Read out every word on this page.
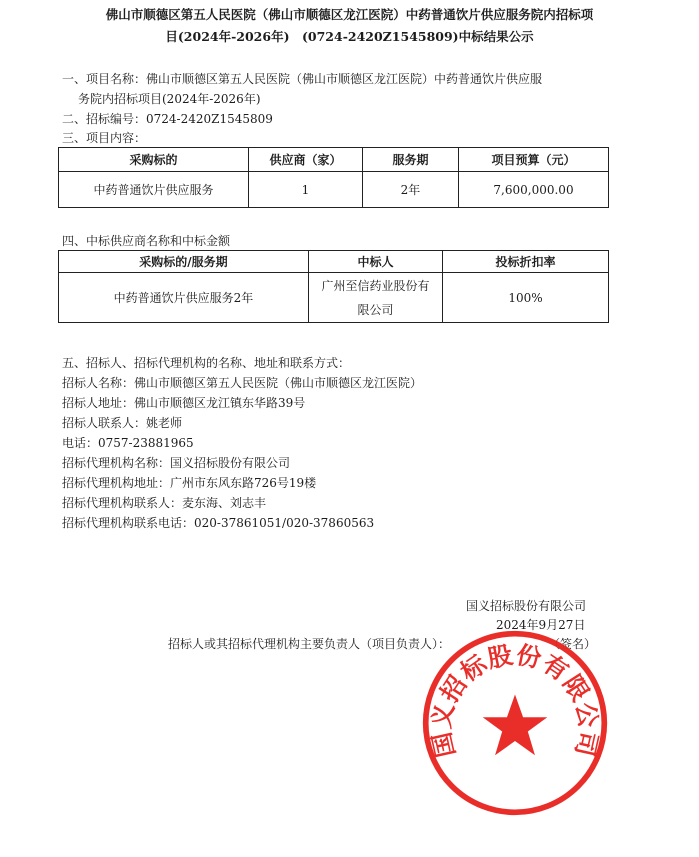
佛山市顺德区第五人民医院（佛山市顺德区龙江医院）中药普通饮片供应服务院内招标项
目(2024年-2026年)　(0724-2420Z1545809)中标结果公示
一、项目名称：佛山市顺德区第五人民医院（佛山市顺德区龙江医院）中药普通饮片供应服
务院内招标项目(2024年-2026年)
二、招标编号：0724-2420Z1545809
三、项目内容：
采购标的	供应商（家）	服务期	项目预算（元）
中药普通饮片供应服务	1	2年	7,600,000.00
四、中标供应商名称和中标金额
采购标的/服务期	中标人	投标折扣率
中药普通饮片供应服务2年	广州至信药业股份有限公司	100%
五、招标人、招标代理机构的名称、地址和联系方式：
招标人名称：佛山市顺德区第五人民医院（佛山市顺德区龙江医院）
招标人地址：佛山市顺德区龙江镇东华路39号
招标人联系人：姚老师
电话：0757-23881965
招标代理机构名称：国义招标股份有限公司
招标代理机构地址：广州市东风东路726号19楼
招标代理机构联系人：麦东海、刘志丰
招标代理机构联系电话：020-37861051/020-37860563
国义招标股份有限公司
2024年9月27日
招标人或其招标代理机构主要负责人（项目负责人）：	（签名）
国义招标股份有限公司
